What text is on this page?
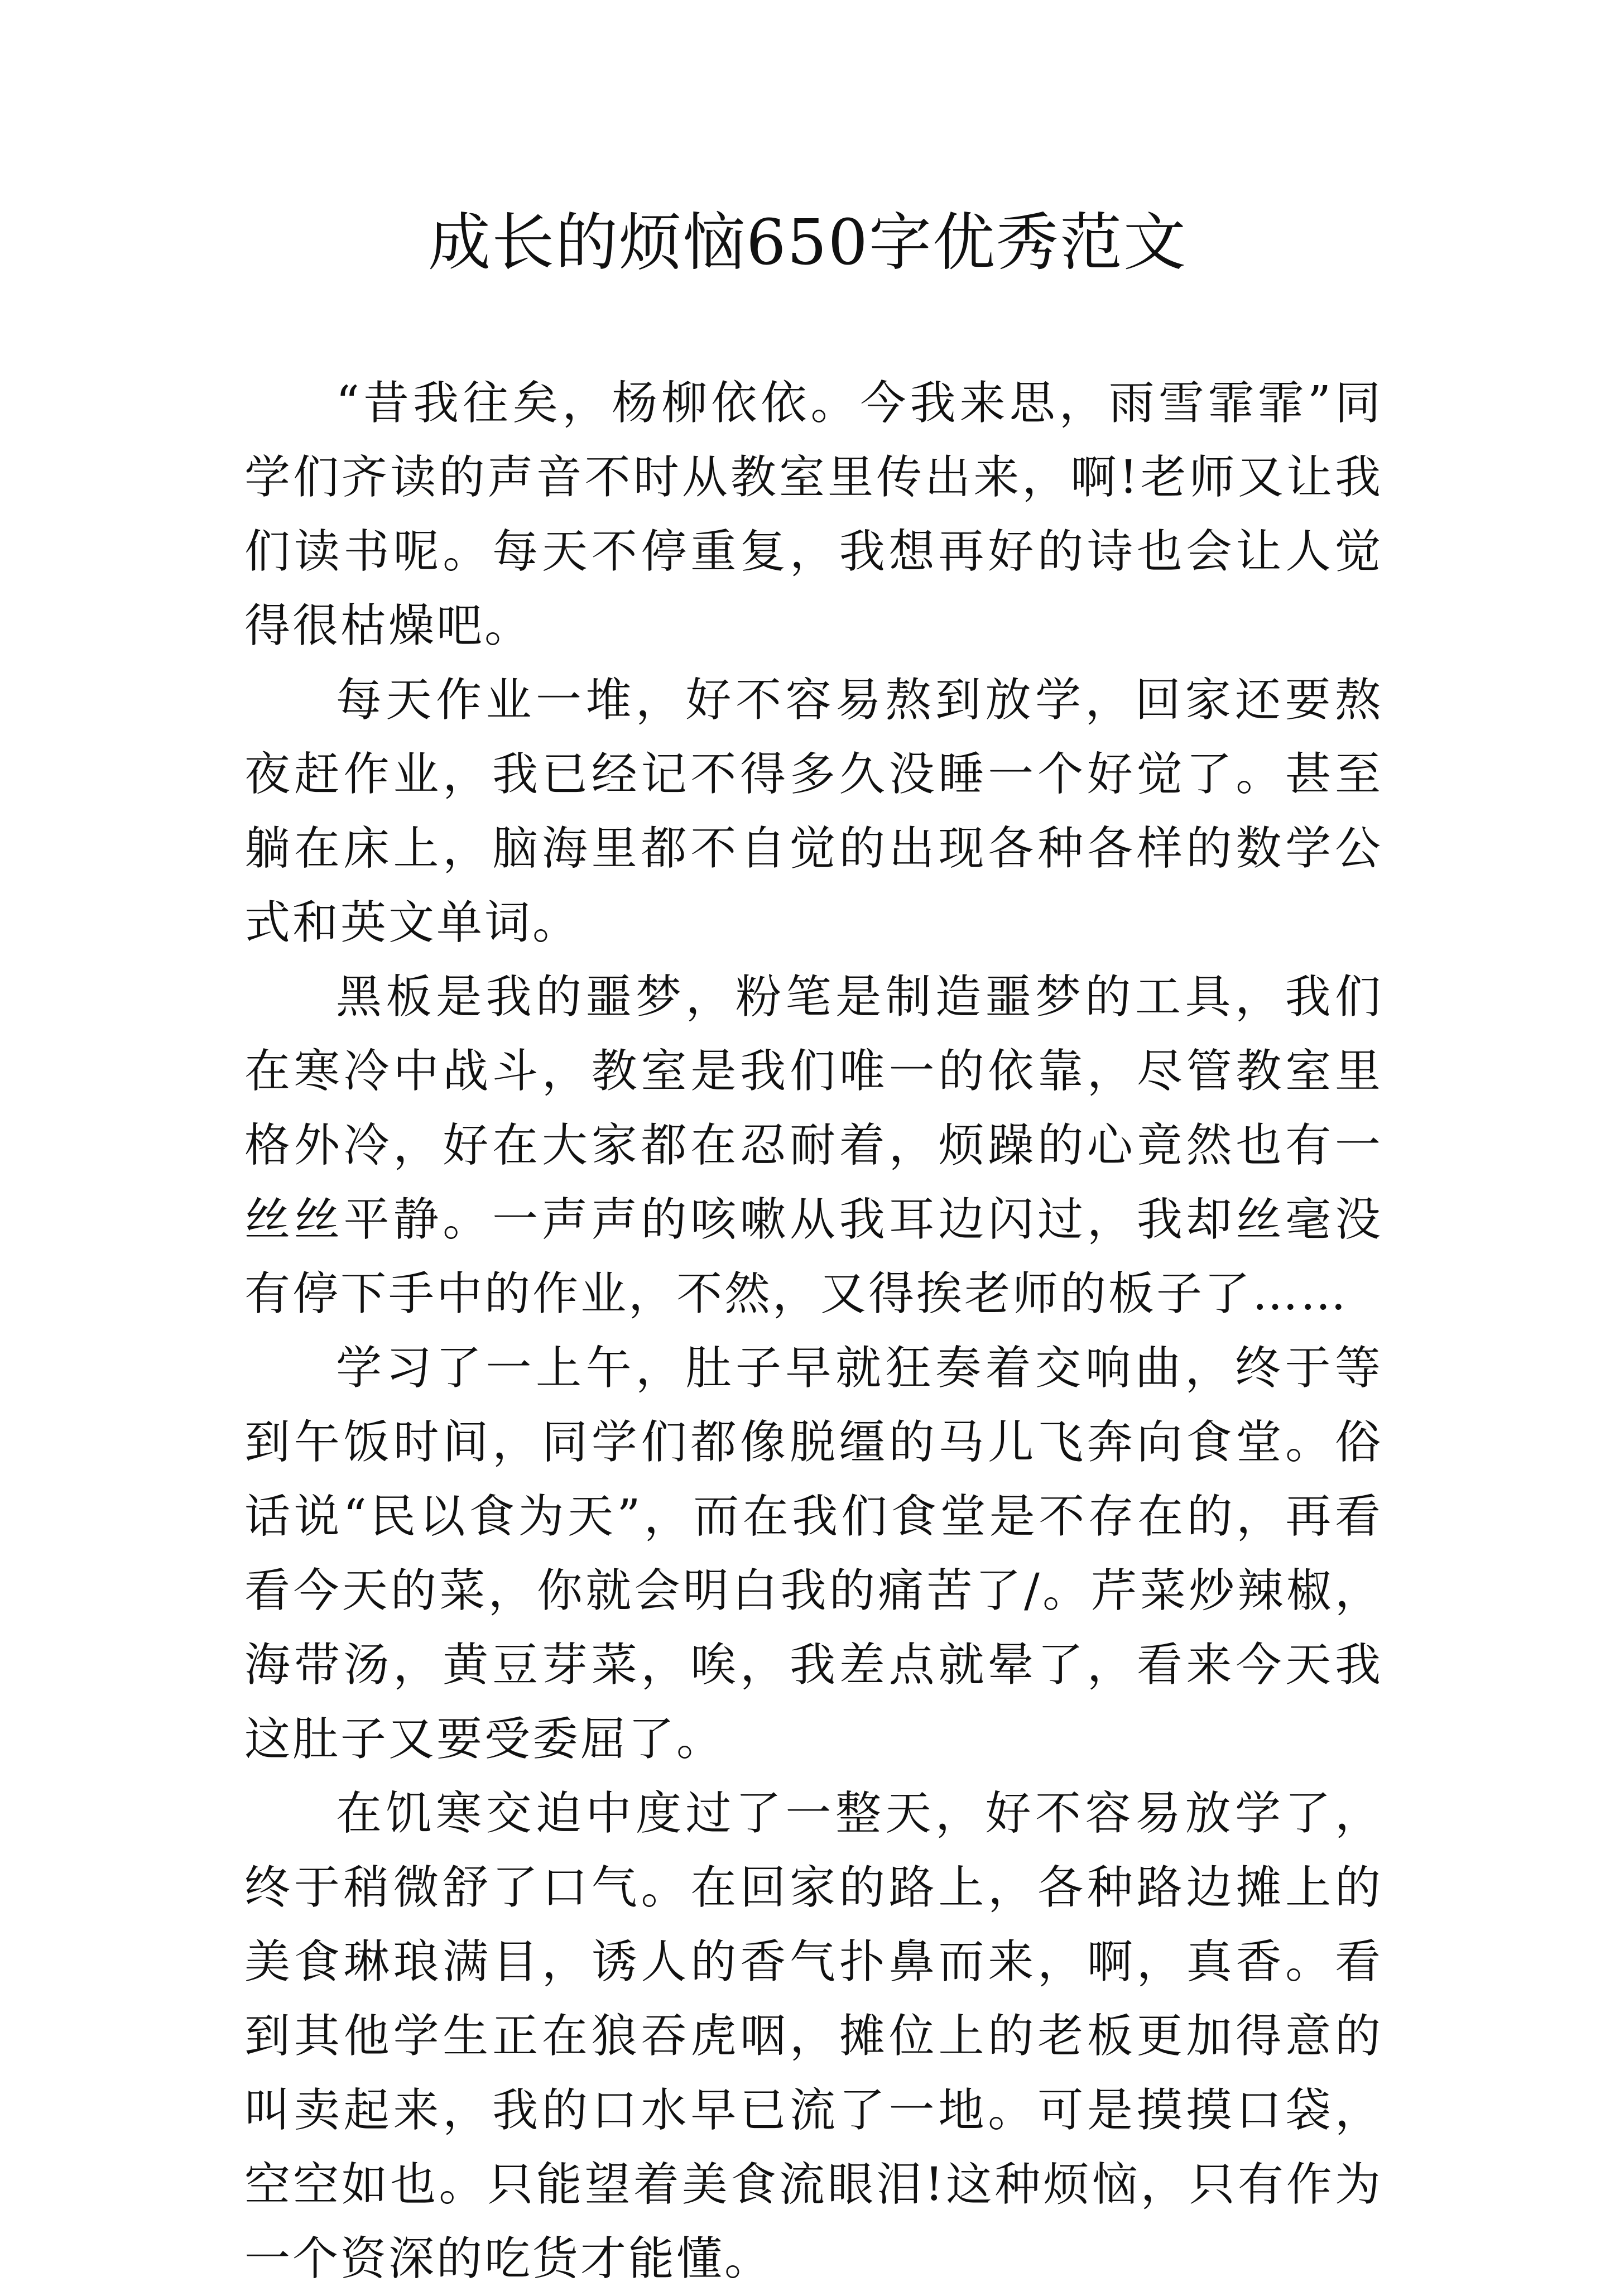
成长的烦恼650字优秀范文

“昔我往矣，杨柳依依。今我来思，雨雪霏霏”同学们齐读的声音不时从教室里传出来，啊!老师又让我们读书呢。每天不停重复，我想再好的诗也会让人觉得很枯燥吧。

每天作业一堆，好不容易熬到放学，回家还要熬夜赶作业，我已经记不得多久没睡一个好觉了。甚至躺在床上，脑海里都不自觉的出现各种各样的数学公式和英文单词。

黑板是我的噩梦，粉笔是制造噩梦的工具，我们在寒冷中战斗，教室是我们唯一的依靠，尽管教室里格外冷，好在大家都在忍耐着，烦躁的心竟然也有一丝丝平静。一声声的咳嗽从我耳边闪过，我却丝毫没有停下手中的作业，不然，又得挨老师的板子了……

学习了一上午，肚子早就狂奏着交响曲，终于等到午饭时间，同学们都像脱缰的马儿飞奔向食堂。俗话说“民以食为天”，而在我们食堂是不存在的，再看看今天的菜，你就会明白我的痛苦了/。芹菜炒辣椒，海带汤，黄豆芽菜，唉，我差点就晕了，看来今天我这肚子又要受委屈了。

在饥寒交迫中度过了一整天，好不容易放学了，终于稍微舒了口气。在回家的路上，各种路边摊上的美食琳琅满目，诱人的香气扑鼻而来，啊，真香。看到其他学生正在狼吞虎咽，摊位上的老板更加得意的叫卖起来，我的口水早已流了一地。可是摸摸口袋，空空如也。只能望着美食流眼泪!这种烦恼，只有作为一个资深的吃货才能懂。
